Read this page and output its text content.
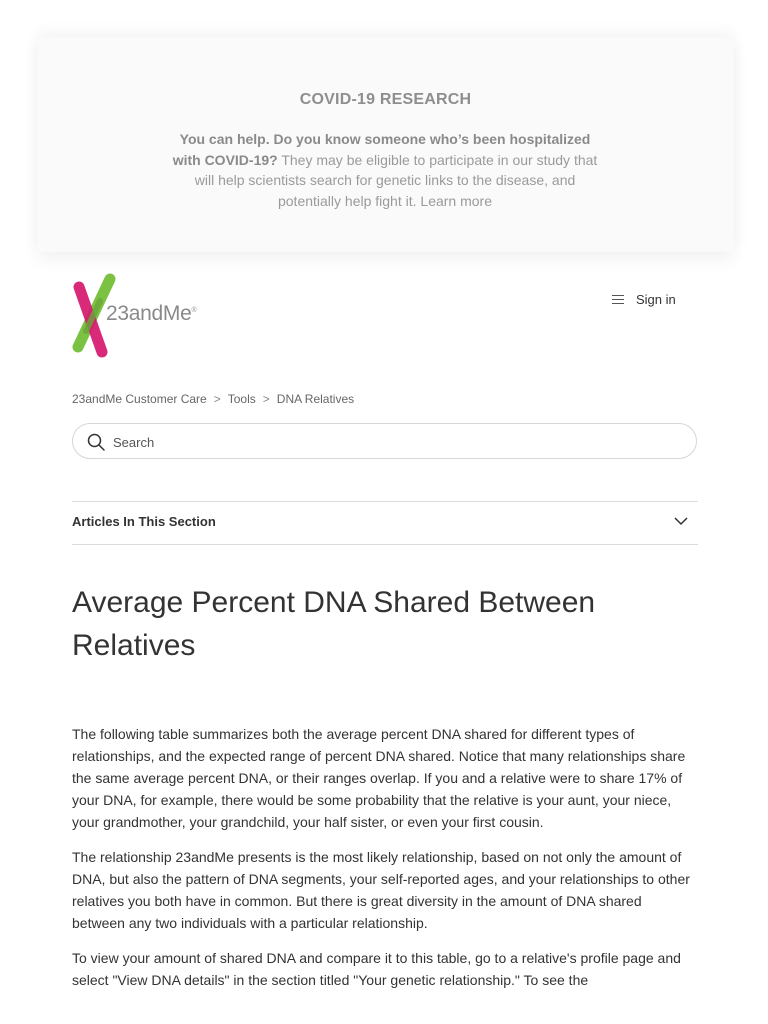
COVID-19 RESEARCH
You can help. Do you know someone who’s been hospitalized with COVID-19? They may be eligible to participate in our study that will help scientists search for genetic links to the disease, and potentially help fight it. Learn more
23andMe®
Sign in
23andMe Customer Care > Tools > DNA Relatives
Search
Articles In This Section
Average Percent DNA Shared Between Relatives

The following table summarizes both the average percent DNA shared for different types of relationships, and the expected range of percent DNA shared. Notice that many relationships share the same average percent DNA, or their ranges overlap. If you and a relative were to share 17% of your DNA, for example, there would be some probability that the relative is your aunt, your niece, your grandmother, your grandchild, your half sister, or even your first cousin.

The relationship 23andMe presents is the most likely relationship, based on not only the amount of DNA, but also the pattern of DNA segments, your self-reported ages, and your relationships to other relatives you both have in common. But there is great diversity in the amount of DNA shared between any two individuals with a particular relationship.

To view your amount of shared DNA and compare it to this table, go to a relative's profile page and select "View DNA details" in the section titled "Your genetic relationship." To see the
